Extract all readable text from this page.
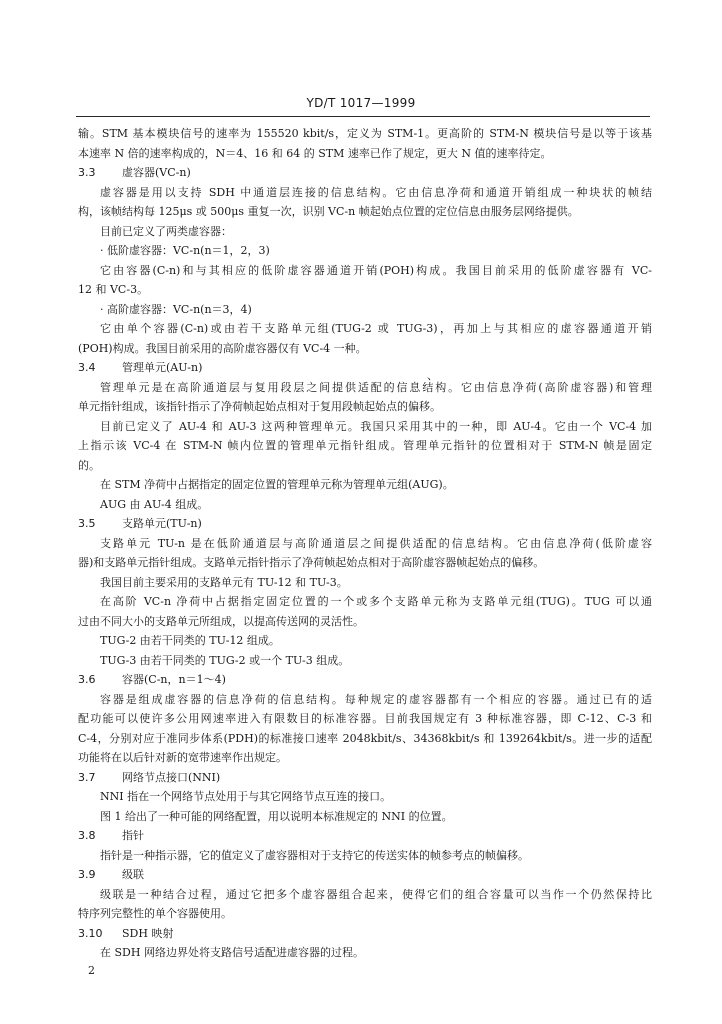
YD/T 1017—1999

输。STM 基本模块信号的速率为 155520 kbit/s，定义为 STM-1。更高阶的 STM-N 模块信号是以等于该基

本速率 N 倍的速率构成的，N＝4、16 和 64 的 STM 速率已作了规定，更大 N 值的速率待定。

3.3 虚容器(VC-n)

虚容器是用以支持 SDH 中通道层连接的信息结构。它由信息净荷和通道开销组成一种块状的帧结

构，该帧结构每 125μs 或 500μs 重复一次，识别 VC-n 帧起始点位置的定位信息由服务层网络提供。

目前已定义了两类虚容器：

· 低阶虚容器：VC-n(n＝1，2，3)

它由容器(C-n)和与其相应的低阶虚容器通道开销(POH)构成。我国目前采用的低阶虚容器有 VC-

12 和 VC-3。

· 高阶虚容器：VC-n(n＝3，4)

它由单个容器(C-n)或由若干支路单元组(TUG-2 或 TUG-3)，再加上与其相应的虚容器通道开销

(POH)构成。我国目前采用的高阶虚容器仅有 VC-4 一种。

3.4 管理单元(AU-n)

管理单元是在高阶通道层与复用段层之间提供适配的信息结构。它由信息净荷(高阶虚容器)和管理

单元指针组成，该指针指示了净荷帧起始点相对于复用段帧起始点的偏移。

目前已定义了 AU-4 和 AU-3 这两种管理单元。我国只采用其中的一种，即 AU-4。它由一个 VC-4 加

上指示该 VC-4 在 STM-N 帧内位置的管理单元指针组成。管理单元指针的位置相对于 STM-N 帧是固定

的。

在 STM 净荷中占据指定的固定位置的管理单元称为管理单元组(AUG)。

AUG 由 AU-4 组成。

3.5 支路单元(TU-n)

支路单元 TU-n 是在低阶通道层与高阶通道层之间提供适配的信息结构。它由信息净荷(低阶虚容

器)和支路单元指针组成。支路单元指针指示了净荷帧起始点相对于高阶虚容器帧起始点的偏移。

我国目前主要采用的支路单元有 TU-12 和 TU-3。

在高阶 VC-n 净荷中占据指定固定位置的一个或多个支路单元称为支路单元组(TUG)。TUG 可以通

过由不同大小的支路单元所组成，以提高传送网的灵活性。

TUG-2 由若干同类的 TU-12 组成。

TUG-3 由若干同类的 TUG-2 或一个 TU-3 组成。

3.6 容器(C-n，n＝1～4)

容器是组成虚容器的信息净荷的信息结构。每种规定的虚容器都有一个相应的容器。通过已有的适

配功能可以使许多公用网速率进入有限数目的标准容器。目前我国规定有 3 种标准容器，即 C-12、C-3 和

C-4，分别对应于准同步体系(PDH)的标准接口速率 2048kbit/s、34368kbit/s 和 139264kbit/s。进一步的适配

功能将在以后针对新的宽带速率作出规定。

3.7 网络节点接口(NNI)

NNI 指在一个网络节点处用于与其它网络节点互连的接口。

图 1 给出了一种可能的网络配置，用以说明本标准规定的 NNI 的位置。

3.8 指针

指针是一种指示器，它的值定义了虚容器相对于支持它的传送实体的帧参考点的帧偏移。

3.9 级联

级联是一种结合过程，通过它把多个虚容器组合起来，使得它们的组合容量可以当作一个仍然保持比

特序列完整性的单个容器使用。

3.10 SDH 映射

在 SDH 网络边界处将支路信号适配进虚容器的过程。

、
2
